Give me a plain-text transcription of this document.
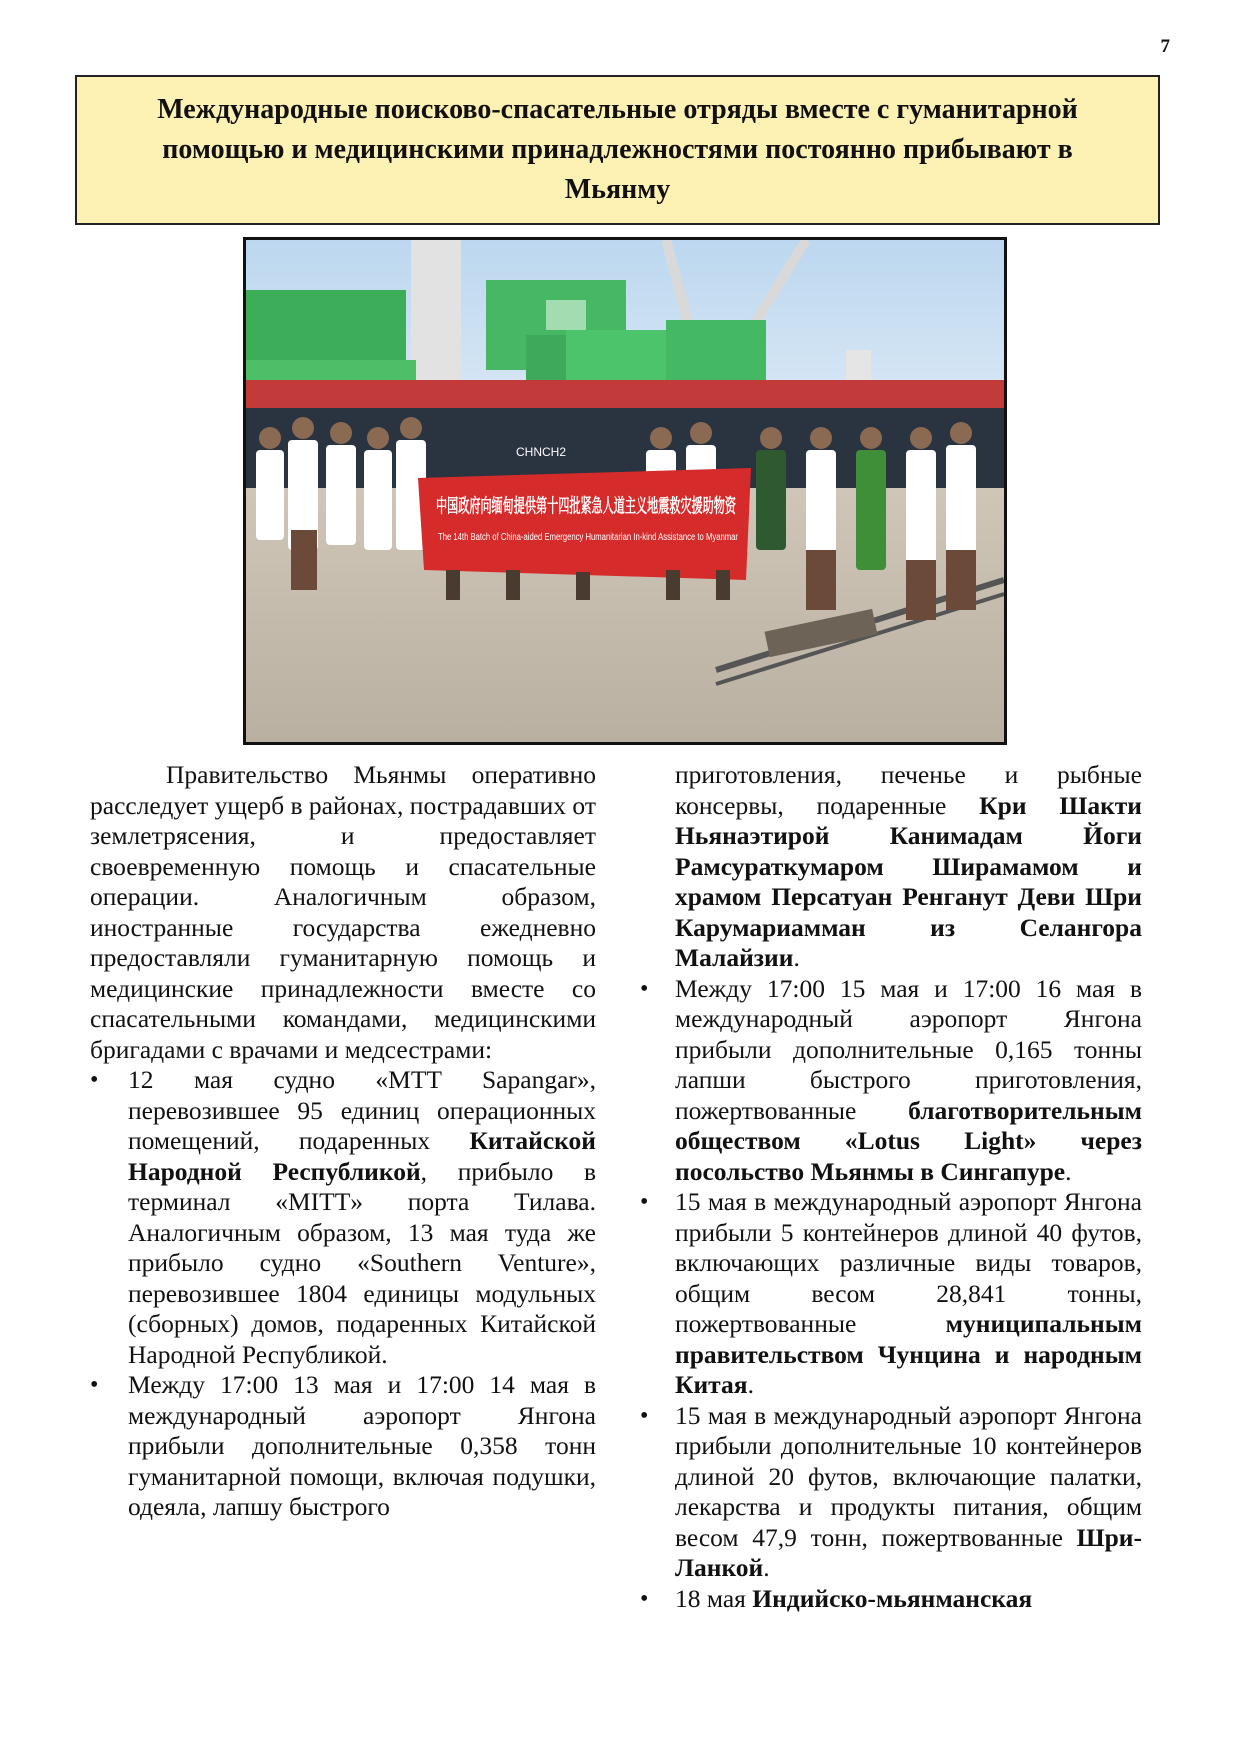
7
Международные поисково-спасательные отряды вместе с гуманитарной помощью и медицинскими принадлежностями постоянно прибывают в Мьянму
CHNCH2
中国政府向缅甸提供第十四批紧急人道主义地震救灾援助物资
The 14th Batch of China-aided Emergency Humanitarian In-kind Assistance to Myanmar

Правительство Мьянмы оперативно расследует ущерб в районах, пострадавших от землетрясения, и предоставляет своевременную помощь и спасательные операции. Аналогичным образом, иностранные государства ежедневно предоставляли гуманитарную помощь и медицинские принадлежности вместе со спасательными командами, медицинскими бригадами с врачами и медсестрами:

• 12 мая судно «MTT Sapangar», перевозившее 95 единиц операционных помещений, подаренных Китайской Народной Республикой, прибыло в терминал «MITT» порта Тилава. Аналогичным образом, 13 мая туда же прибыло судно «Southern Venture», перевозившее 1804 единицы модульных (сборных) домов, подаренных Китайской Народной Республикой.
• Между 17:00 13 мая и 17:00 14 мая в международный аэропорт Янгона прибыли дополнительные 0,358 тонн гуманитарной помощи, включая подушки, одеяла, лапшу быстрого

приготовления, печенье и рыбные консервы, подаренные Кри Шакти Ньянаэтирой Канимадам Йоги Рамсураткумаром Ширамамом и храмом Персатуан Ренганут Деви Шри Карумариамман из Селангора Малайзии.

• Между 17:00 15 мая и 17:00 16 мая в международный аэропорт Янгона прибыли дополнительные 0,165 тонны лапши быстрого приготовления, пожертвованные благотворительным обществом «Lotus Light» через посольство Мьянмы в Сингапуре.
• 15 мая в международный аэропорт Янгона прибыли 5 контейнеров длиной 40 футов, включающих различные виды товаров, общим весом 28,841 тонны, пожертвованные муниципальным правительством Чунцина и народным Китая.
• 15 мая в международный аэропорт Янгона прибыли дополнительные 10 контейнеров длиной 20 футов, включающие палатки, лекарства и продукты питания, общим весом 47,9 тонн, пожертвованные Шри-Ланкой.
• 18 мая Индийско-мьянманская
